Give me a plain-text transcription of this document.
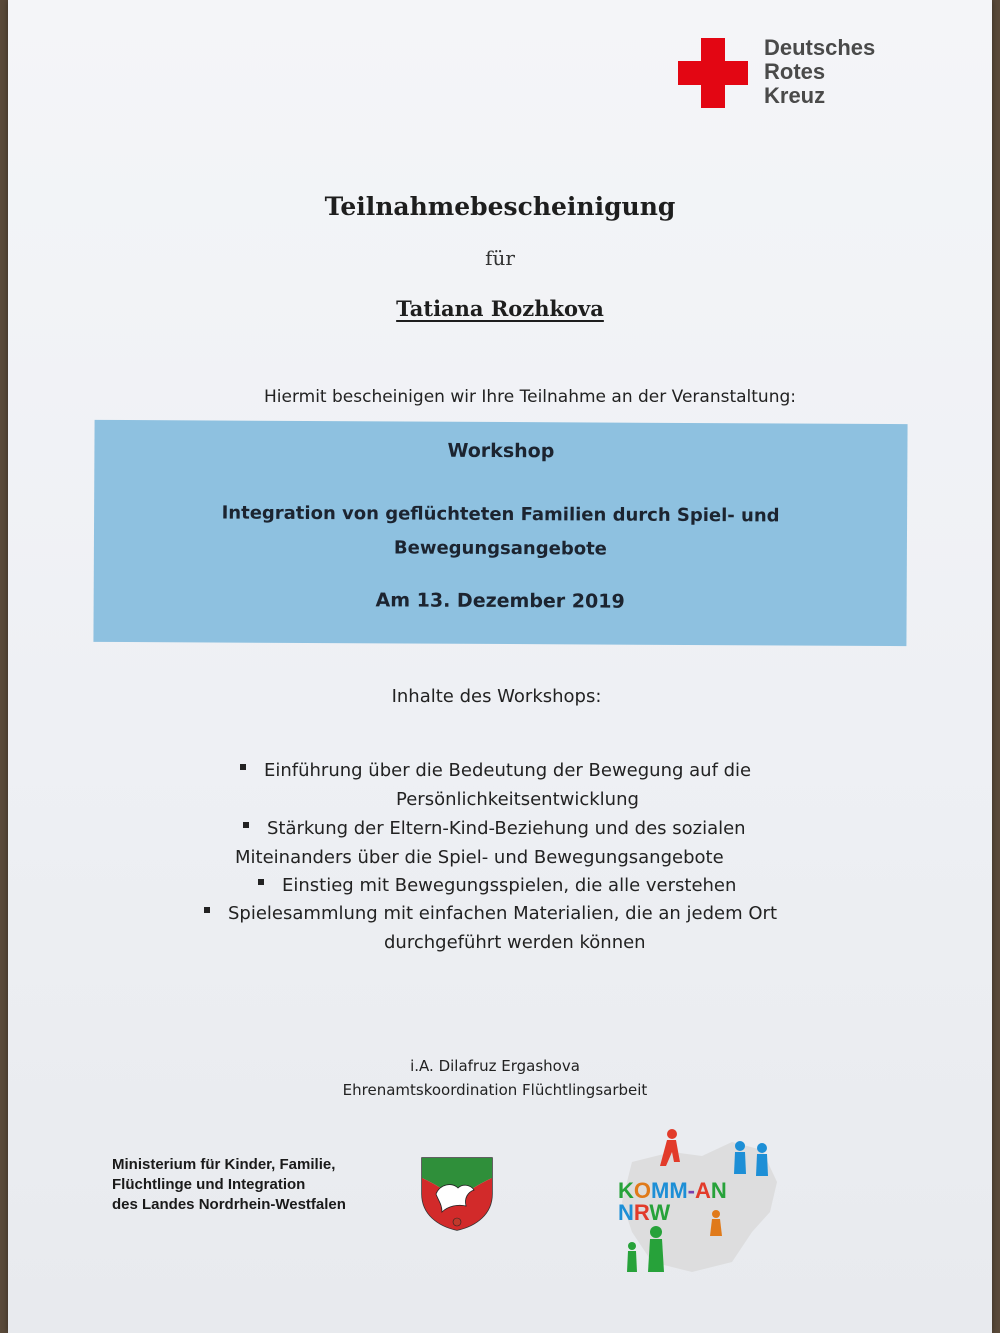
Deutsches
Rotes
Kreuz
Teilnahmebescheinigung
für
Tatiana Rozhkova
Hiermit bescheinigen wir Ihre Teilnahme an der Veranstaltung:
Workshop
Integration von geflüchteten Familien durch Spiel- und
Bewegungsangebote
Am 13. Dezember 2019
Inhalte des Workshops:
Einführung über die Bedeutung der Bewegung auf die
Persönlichkeitsentwicklung
Stärkung der Eltern-Kind-Beziehung und des sozialen
Miteinanders über die Spiel- und Bewegungsangebote
Einstieg mit Bewegungsspielen, die alle verstehen
Spielesammlung mit einfachen Materialien, die an jedem Ort
durchgeführt werden können
i.A. Dilafruz Ergashova
Ehrenamtskoordination Flüchtlingsarbeit
Ministerium für Kinder, Familie,
Flüchtlinge und Integration
des Landes Nordrhein-Westfalen
KOMM-AN
NRW
